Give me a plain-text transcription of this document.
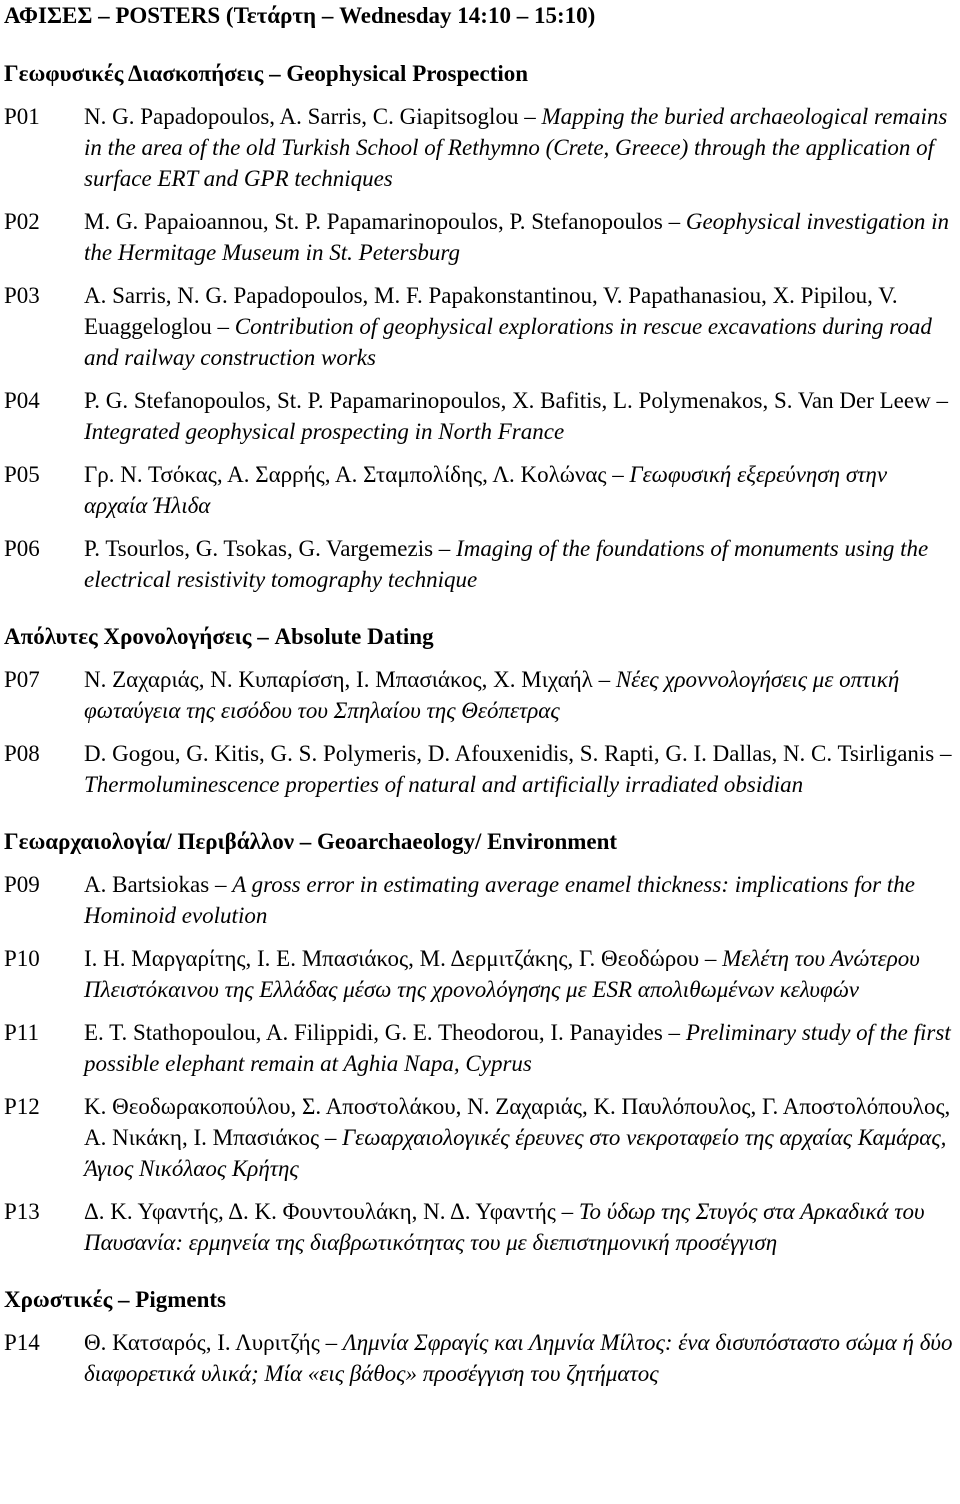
ΑΦΙΣΕΣ – POSTERS (Τετάρτη – Wednesday 14:10 – 15:10)
Γεωφυσικές Διασκοπήσεις – Geophysical Prospection
P01	N. G. Papadopoulos, A. Sarris, C. Giapitsoglou – Mapping the buried archaeological remains in the area of the old Turkish School of Rethymno (Crete, Greece) through the application of surface ERT and GPR techniques
P02	M. G. Papaioannou, St. P. Papamarinopoulos, P. Stefanopoulos – Geophysical investigation in the Hermitage Museum in St. Petersburg
P03	A. Sarris, N. G. Papadopoulos, M. F. Papakonstantinou, V. Papathanasiou, X. Pipilou, V. Euaggeloglou – Contribution of geophysical explorations in rescue excavations during road and railway construction works
P04	P. G. Stefanopoulos, St. P. Papamarinopoulos, X. Bafitis, L. Polymenakos, S. Van Der Leew – Integrated geophysical prospecting in North France
P05	Γρ. Ν. Τσόκας, Α. Σαρρής, Α. Σταμπολίδης, Λ. Κολώνας – Γεωφυσική εξερεύνηση στην αρχαία Ήλιδα
P06	P. Tsourlos, G. Tsokas, G. Vargemezis – Imaging of the foundations of monuments using the electrical resistivity tomography technique
Απόλυτες Χρονολογήσεις – Absolute Dating
P07	Ν. Ζαχαριάς, Ν. Κυπαρίσση, Ι. Μπασιάκος, Χ. Μιχαήλ – Νέες χροννολογήσεις με οπτική φωταύγεια της εισόδου του Σπηλαίου της Θεόπετρας
P08	D. Gogou, G. Kitis, G. S. Polymeris, D. Afouxenidis, S. Rapti, G. I. Dallas, N. C. Tsirliganis – Thermoluminescence properties of natural and artificially irradiated obsidian
Γεωαρχαιολογία/ Περιβάλλον – Geoarchaeology/ Environment
P09	A. Bartsiokas – A gross error in estimating average enamel thickness: implications for the Hominoid evolution
P10	Ι. Η. Μαργαρίτης, Ι. Ε. Μπασιάκος, Μ. Δερμιτζάκης, Γ. Θεοδώρου – Μελέτη του Ανώτερου Πλειστόκαινου της Ελλάδας μέσω της χρονολόγησης με ESR απολιθωμένων κελυφών
P11	E. T. Stathopoulou, A. Filippidi, G. E. Theodorou, I. Panayides – Preliminary study of the first possible elephant remain at Aghia Napa, Cyprus
P12	Κ. Θεοδωρακοπούλου, Σ. Αποστολάκου, Ν. Ζαχαριάς, Κ. Παυλόπουλος, Γ. Αποστολόπουλος, Α. Νικάκη, Ι. Μπασιάκος – Γεωαρχαιολογικές έρευνες στο νεκροταφείο της αρχαίας Καμάρας, Άγιος Νικόλαος Κρήτης
P13	Δ. Κ. Υφαντής, Δ. Κ. Φουντουλάκη, Ν. Δ. Υφαντής – Το ύδωρ της Στυγός στα Αρκαδικά του Παυσανία: ερμηνεία της διαβρωτικότητας του με διεπιστημονική προσέγγιση
Χρωστικές – Pigments
P14	Θ. Κατσαρός, Ι. Λυριτζής – Λημνία Σφραγίς και Λημνία Μίλτος: ένα δισυπόσταστο σώμα ή δύο διαφορετικά υλικά; Μία «εις βάθος» προσέγγιση του ζητήματος
